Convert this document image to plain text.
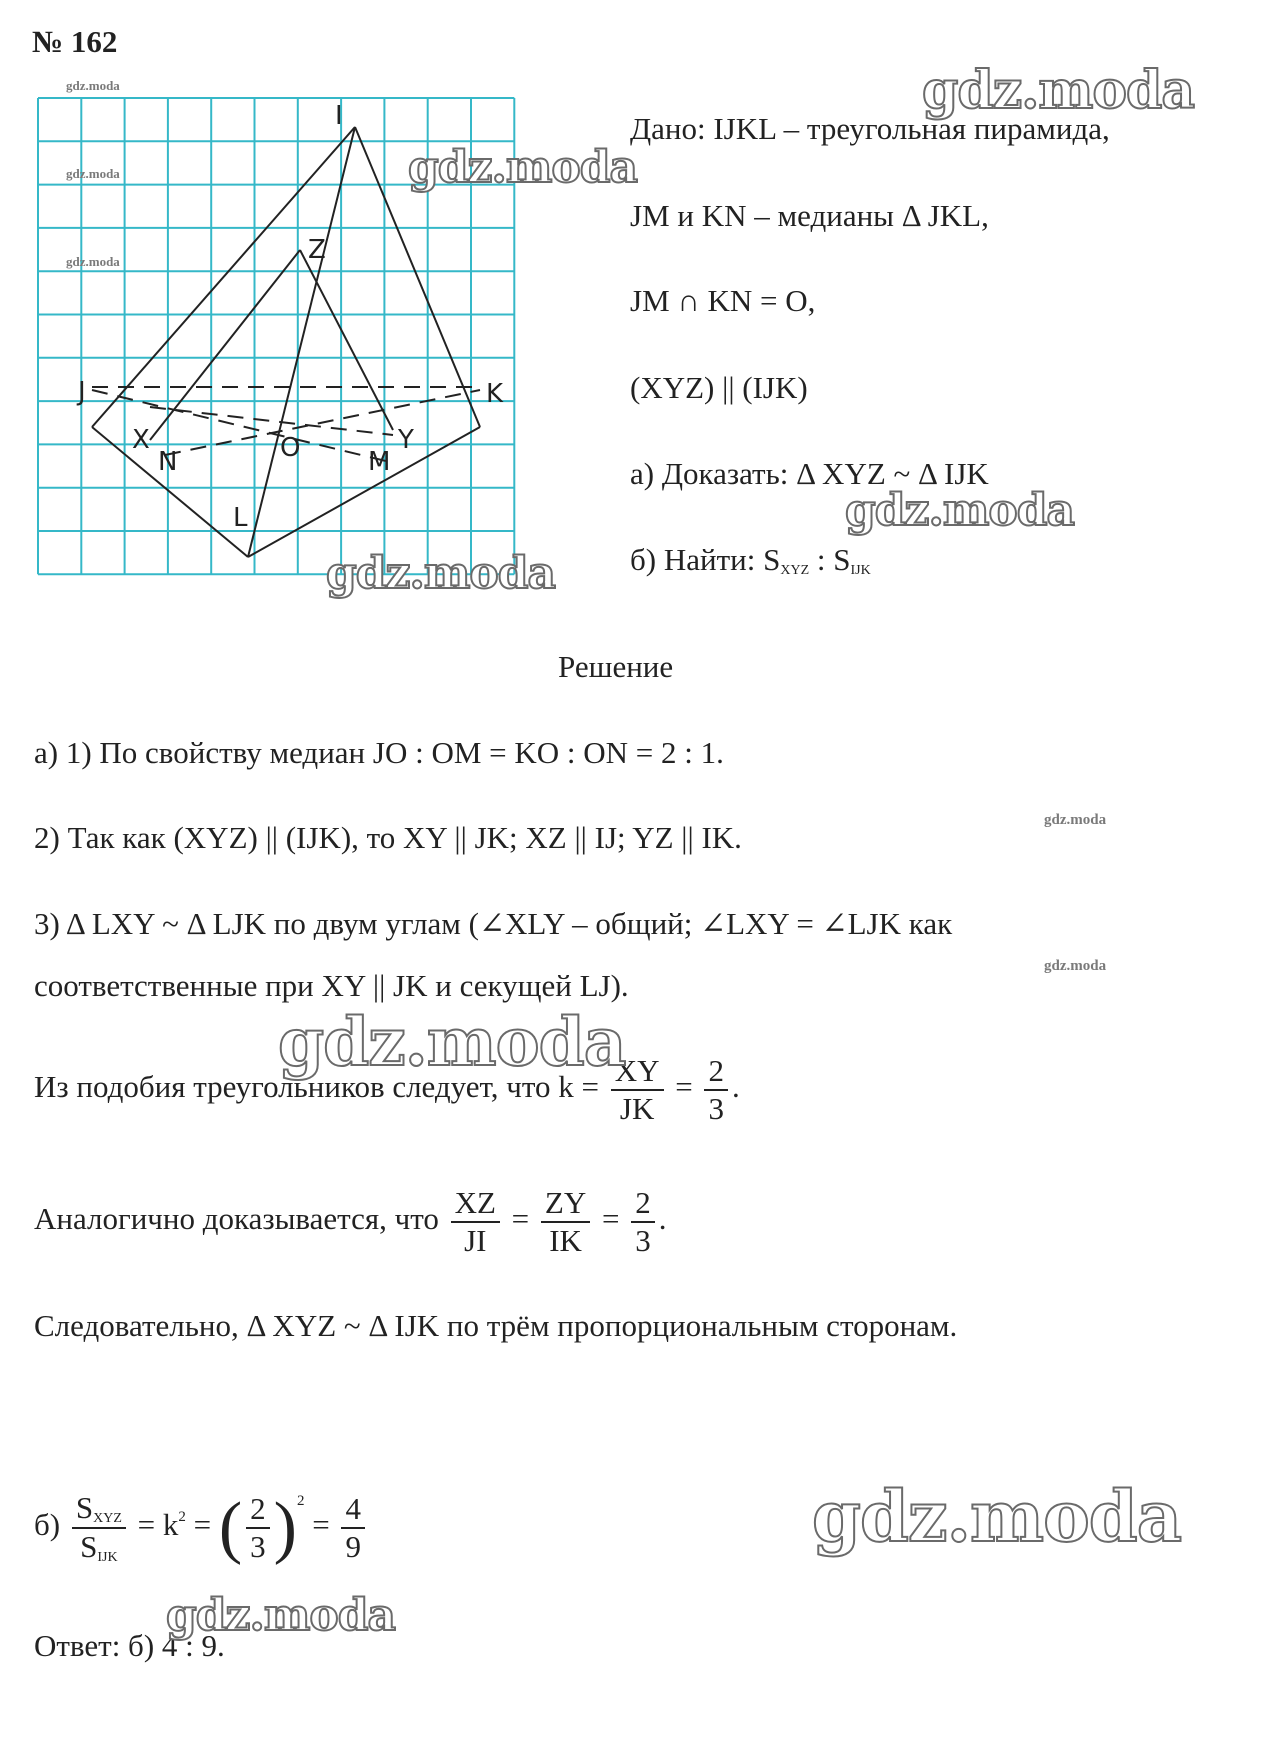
№ 162
I
Z
J	K
X
N	O	Y
M
L
Дано: IJKL – треугольная пирамида,
JM и KN – медианы Δ JKL,
JM ∩ KN = O,
(XYZ) || (IJK)
а) Доказать: Δ XYZ ~ Δ IJK
б) Найти: $S_{XYZ}$ : $S_{IJK}$
Решение
а) 1) По свойству медиан JO : OM = KO : ON = 2 : 1.
2) Так как (XYZ) || (IJK), то XY || JK; XZ || IJ; YZ || IK.
3) Δ LXY ~ Δ LJK по двум углам (∠XLY – общий; ∠LXY = ∠LJK как
соответственные при XY || JK и секущей LJ).
Из подобия треугольников следует, что $k = \frac{XY}{JK} = \frac{2}{3}$ .
Аналогично доказывается, что $\frac{XZ}{JI} = \frac{ZY}{IK} = \frac{2}{3}$ .
Следовательно, Δ XYZ ~ Δ IJK по трём пропорциональным сторонам.
$б) \frac{S_{XYZ}}{S_{IJK}} = k^2$ = ( $\frac{2}{3} )^2 = \frac{4}{9}$
Ответ: б) 4 : 9.
gdz.moda
gdz.moda
gdz.moda
gdz.moda
gdz.moda
gdz.moda
gdz.moda
gdz.moda
gdz.moda
gdz.moda
gdz.moda
gdz.moda
